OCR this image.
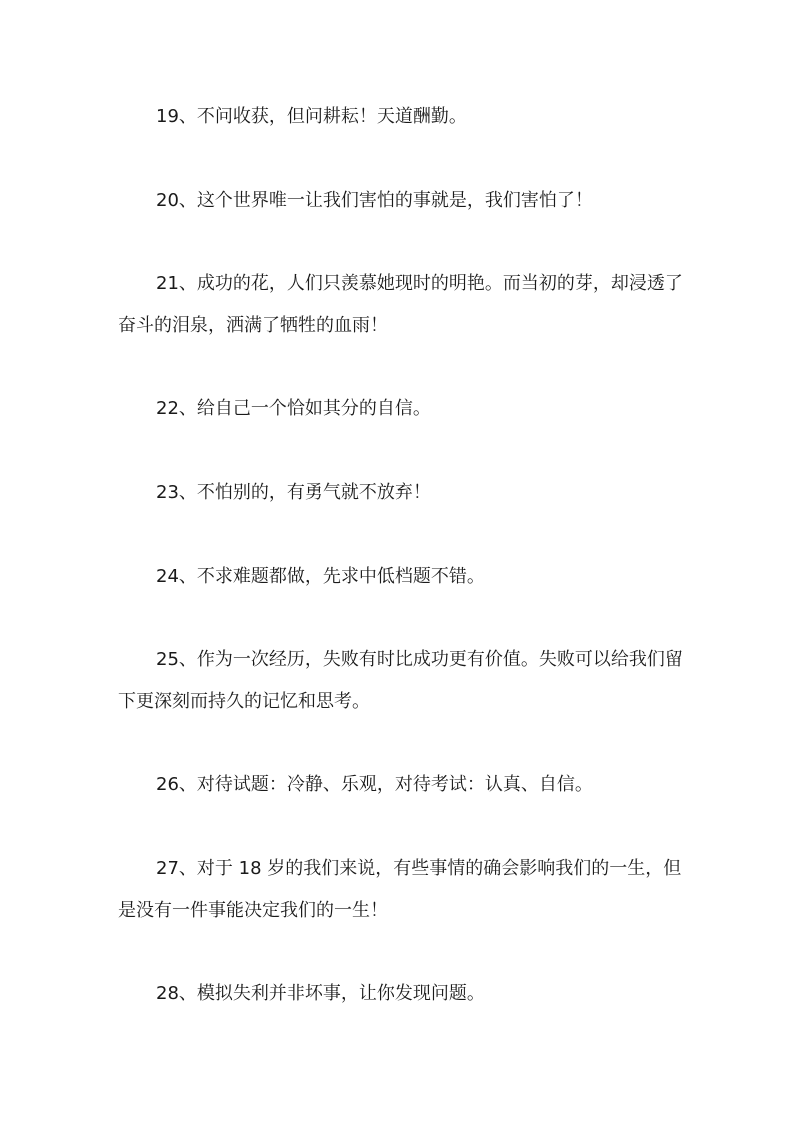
19、不问收获，但问耕耘！天道酬勤。

20、这个世界唯一让我们害怕的事就是，我们害怕了！

21、成功的花，人们只羡慕她现时的明艳。而当初的芽，却浸透了奋斗的泪泉，洒满了牺牲的血雨！

22、给自己一个恰如其分的自信。

23、不怕别的，有勇气就不放弃！

24、不求难题都做，先求中低档题不错。

25、作为一次经历，失败有时比成功更有价值。失败可以给我们留下更深刻而持久的记忆和思考。

26、对待试题：冷静、乐观，对待考试：认真、自信。

27、对于 18 岁的我们来说，有些事情的确会影响我们的一生，但是没有一件事能决定我们的一生！

28、模拟失利并非坏事，让你发现问题。
